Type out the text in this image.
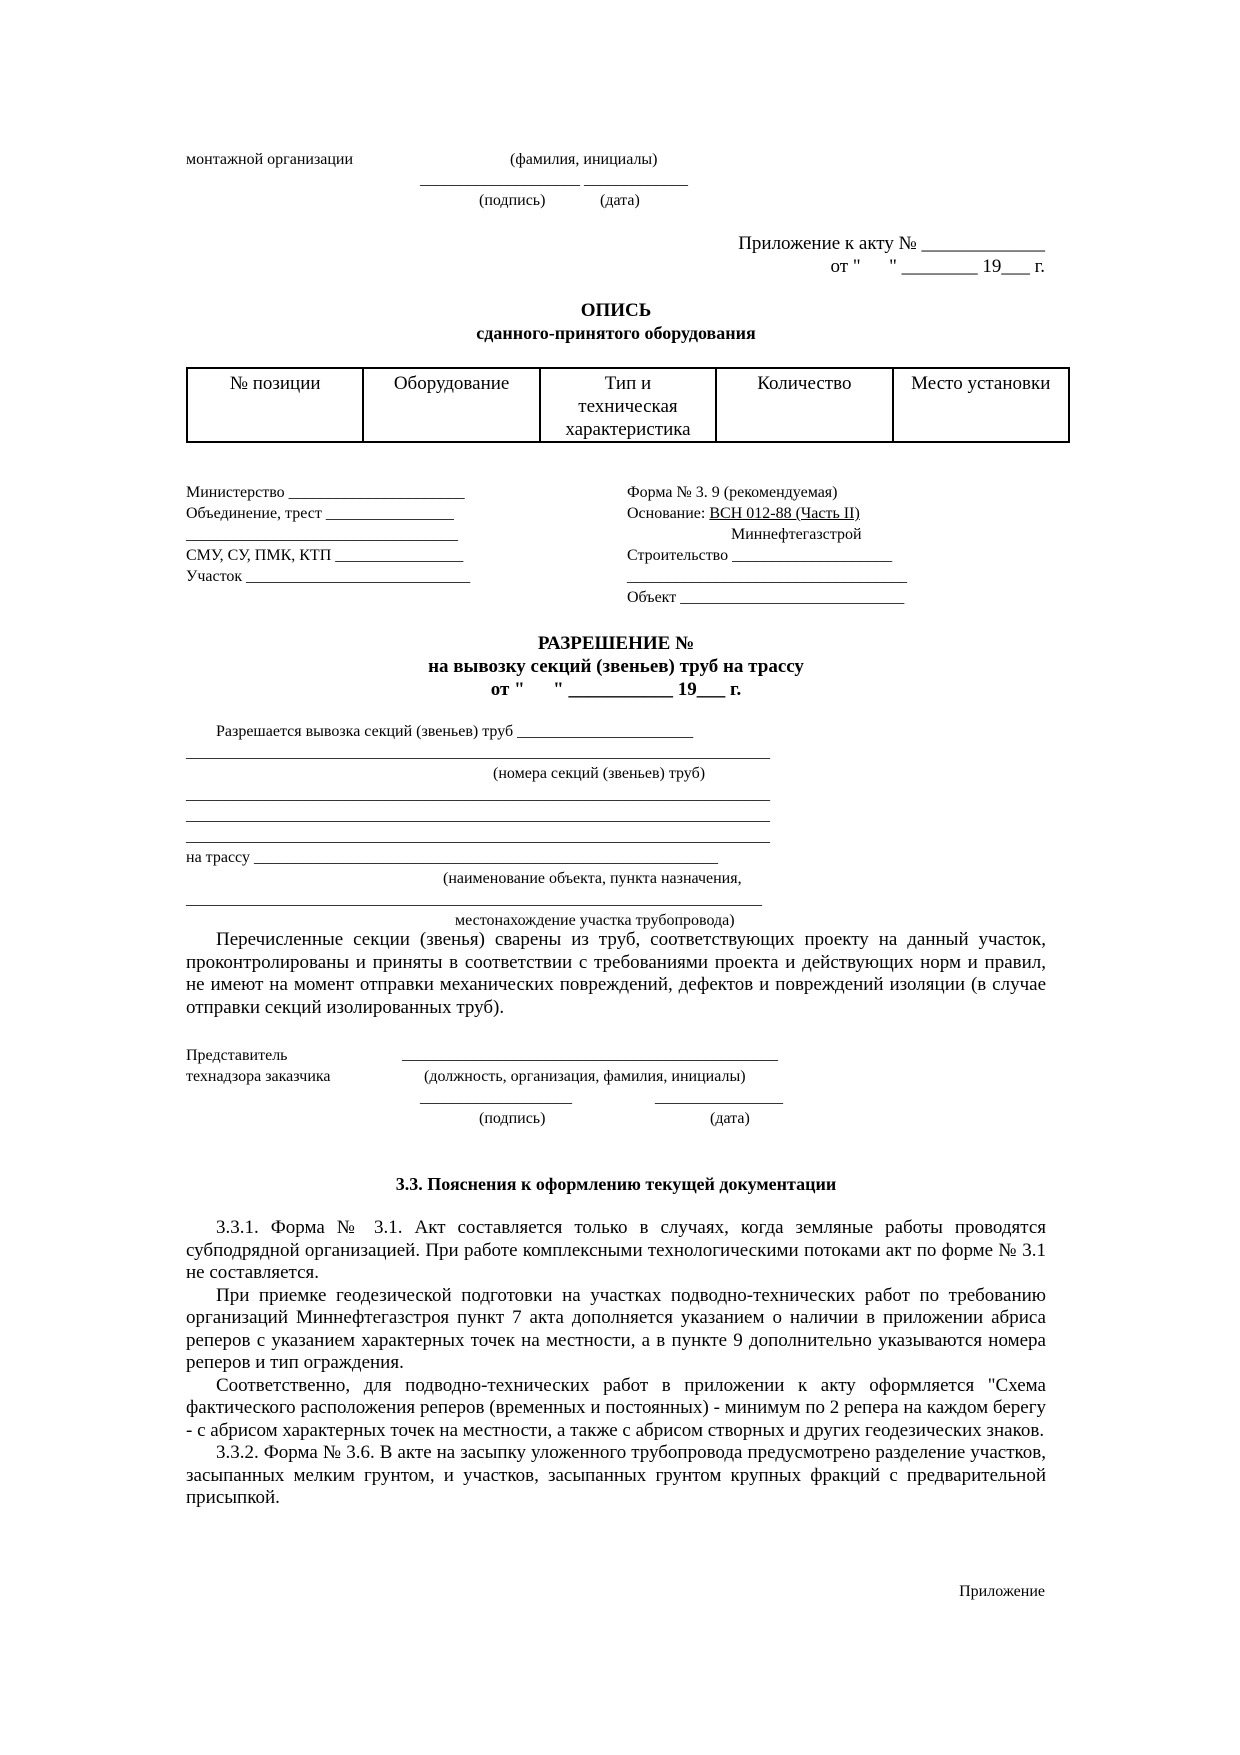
монтажной организации	(фамилия, инициалы)
____________________ _____________
(подпись)	(дата)
Приложение к акту № _____________
от "      " ________ 19___ г.
ОПИСЬ
сданного-принятого оборудования
№ позиции	Оборудование	Тип и техническая характеристика	Количество	Место установки
Министерство ______________________
Объединение, трест ________________
__________________________________
СМУ, СУ, ПМК, КТП ________________
Участок ____________________________
Форма № 3. 9 (рекомендуемая)
Основание: ВСН 012-88 (Часть II)
Миннефтегазстрой
Строительство ____________________
___________________________________
Объект ____________________________
РАЗРЕШЕНИЕ №
на вывозку секций (звеньев) труб на трассу
от "      " ___________ 19___ г.
Разрешается вывозка секций (звеньев) труб ______________________
_________________________________________________________________________
(номера секций (звеньев) труб)
_________________________________________________________________________
_________________________________________________________________________
_________________________________________________________________________
на трассу __________________________________________________________
(наименование объекта, пункта назначения,
________________________________________________________________________
местонахождение участка трубопровода)

Перечисленные секции (звенья) сварены из труб, соответствующих проекту на данный участок, проконтролированы и приняты в соответствии с требованиями проекта и действующих норм и правил, не имеют на момент отправки механических повреждений, дефектов и повреждений изоляции (в случае отправки секций изолированных труб).

Представитель
технадзора заказчика
_______________________________________________
(должность, организация, фамилия, инициалы)
___________________	________________
(подпись)	(дата)
3.3. Пояснения к оформлению текущей документации

3.3.1. Форма № 3.1. Акт составляется только в случаях, когда земляные работы проводятся субподрядной организацией. При работе комплексными технологическими потоками акт по форме № 3.1 не составляется.

При приемке геодезической подготовки на участках подводно-технических работ по требованию организаций Миннефтегазстроя пункт 7 акта дополняется указанием о наличии в приложении абриса реперов с указанием характерных точек на местности, а в пункте 9 дополнительно указываются номера реперов и тип ограждения.

Соответственно, для подводно-технических работ в приложении к акту оформляется "Схема фактического расположения реперов (временных и постоянных) - минимум по 2 репера на каждом берегу - с абрисом характерных точек на местности, а также с абрисом створных и других геодезических знаков.

3.3.2. Форма № 3.6. В акте на засыпку уложенного трубопровода предусмотрено разделение участков, засыпанных мелким грунтом, и участков, засыпанных грунтом крупных фракций с предварительной присыпкой.

Приложение
